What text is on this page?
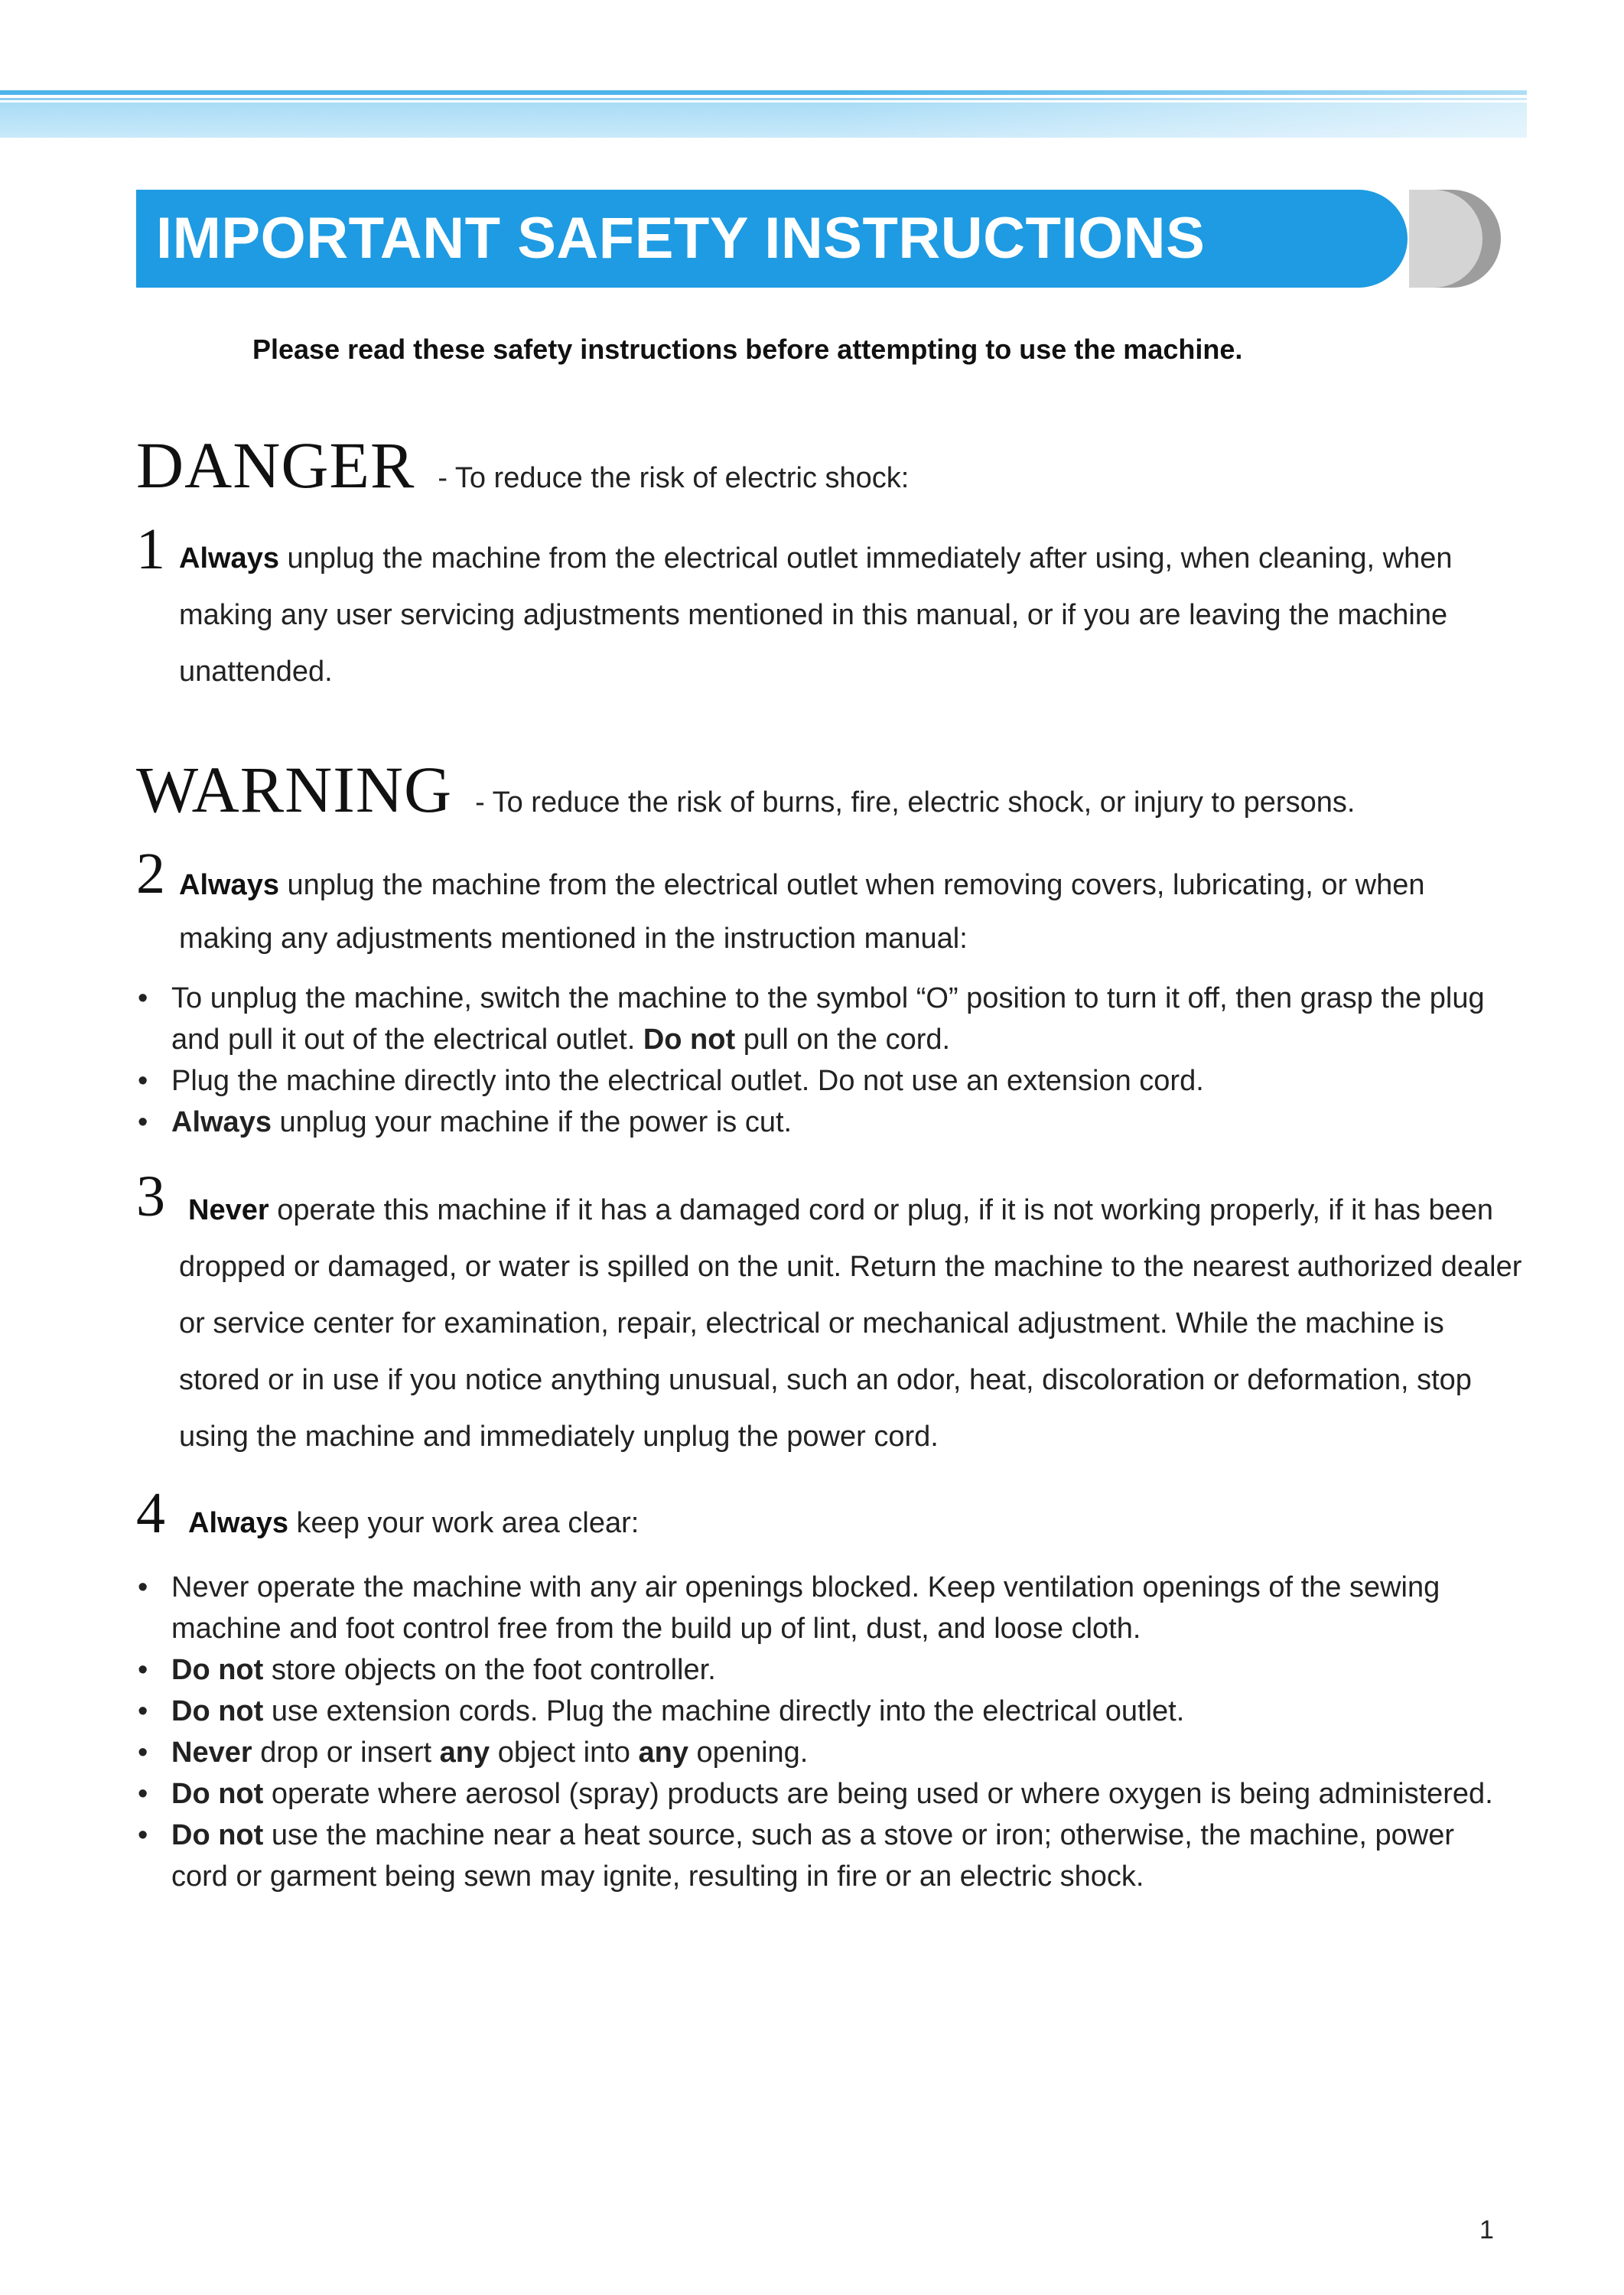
IMPORTANT SAFETY INSTRUCTIONS
Please read these safety instructions before attempting to use the machine.
DANGER - To reduce the risk of electric shock:
1 Always unplug the machine from the electrical outlet immediately after using, when cleaning, when making any user servicing adjustments mentioned in this manual, or if you are leaving the machine unattended.
WARNING - To reduce the risk of burns, fire, electric shock, or injury to persons.
2 Always unplug the machine from the electrical outlet when removing covers, lubricating, or when making any adjustments mentioned in the instruction manual:
• To unplug the machine, switch the machine to the symbol “O” position to turn it off, then grasp the plug and pull it out of the electrical outlet. Do not pull on the cord.
• Plug the machine directly into the electrical outlet. Do not use an extension cord.
• Always unplug your machine if the power is cut.
3 Never operate this machine if it has a damaged cord or plug, if it is not working properly, if it has been dropped or damaged, or water is spilled on the unit. Return the machine to the nearest authorized dealer or service center for examination, repair, electrical or mechanical adjustment. While the machine is stored or in use if you notice anything unusual, such an odor, heat, discoloration or deformation, stop using the machine and immediately unplug the power cord.
4 Always keep your work area clear:
• Never operate the machine with any air openings blocked. Keep ventilation openings of the sewing machine and foot control free from the build up of lint, dust, and loose cloth.
• Do not store objects on the foot controller.
• Do not use extension cords. Plug the machine directly into the electrical outlet.
• Never drop or insert any object into any opening.
• Do not operate where aerosol (spray) products are being used or where oxygen is being administered.
• Do not use the machine near a heat source, such as a stove or iron; otherwise, the machine, power cord or garment being sewn may ignite, resulting in fire or an electric shock.
1
